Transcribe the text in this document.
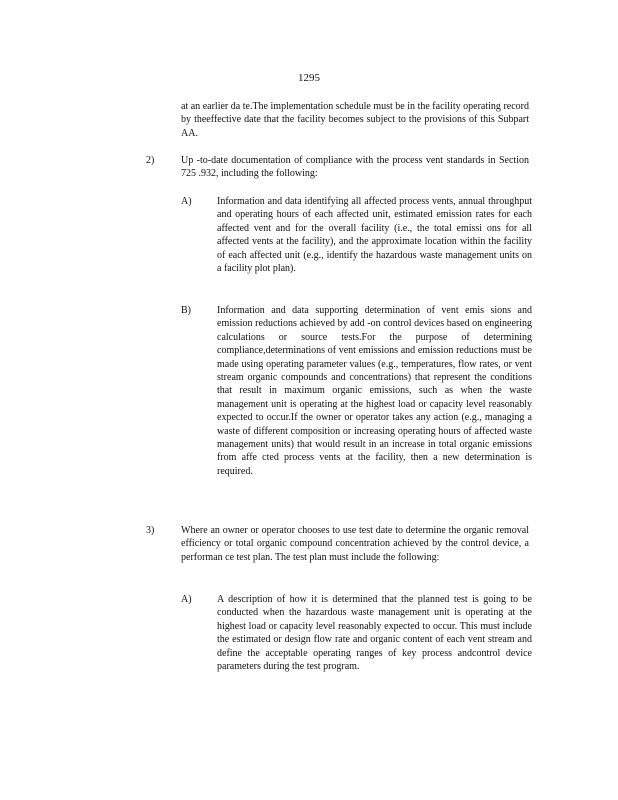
1295
at an earlier da te.The implementation schedule must be in the facility operating record by theeffective date that the facility becomes subject to the provisions of this Subpart AA.
2)	Up -to-date documentation of compliance with the process vent standards in Section 725 .932, including the following:
A)	Information and data identifying all affected process vents, annual throughput and operating hours of each affected unit, estimated emission rates for each affected vent and for the overall facility (i.e., the total emissi ons for all affected vents at the facility), and the approximate location within the facility of each affected unit (e.g., identify the hazardous waste management units on a facility plot plan).
B)	Information and data supporting determination of vent emis sions and emission reductions achieved by add -on control devices based on engineering calculations or source tests.For the purpose of determining compliance,determinations of vent emissions and emission reductions must be made using operating parameter values (e.g., temperatures, flow rates, or vent stream organic compounds and concentrations) that represent the conditions that result in maximum organic emissions, such as when the waste management unit is operating at the highest load or capacity level reasonably expected to occur.If the owner or operator takes any action (e.g., managing a waste of different composition or increasing operating hours of affected waste management units) that would result in an increase in total organic emissions from affe cted process vents at the facility, then a new determination is required.
3)	Where an owner or operator chooses to use test date to determine the organic removal efficiency or total organic compound concentration achieved by the control device, a performan ce test plan. The test plan must include the following:
A)	A description of how it is determined that the planned test is going to be conducted when the hazardous waste management unit is operating at the highest load or capacity level reasonably expected to occur. This must include the estimated or design flow rate and organic content of each vent stream and define the acceptable operating ranges of key process andcontrol device parameters during the test program.
